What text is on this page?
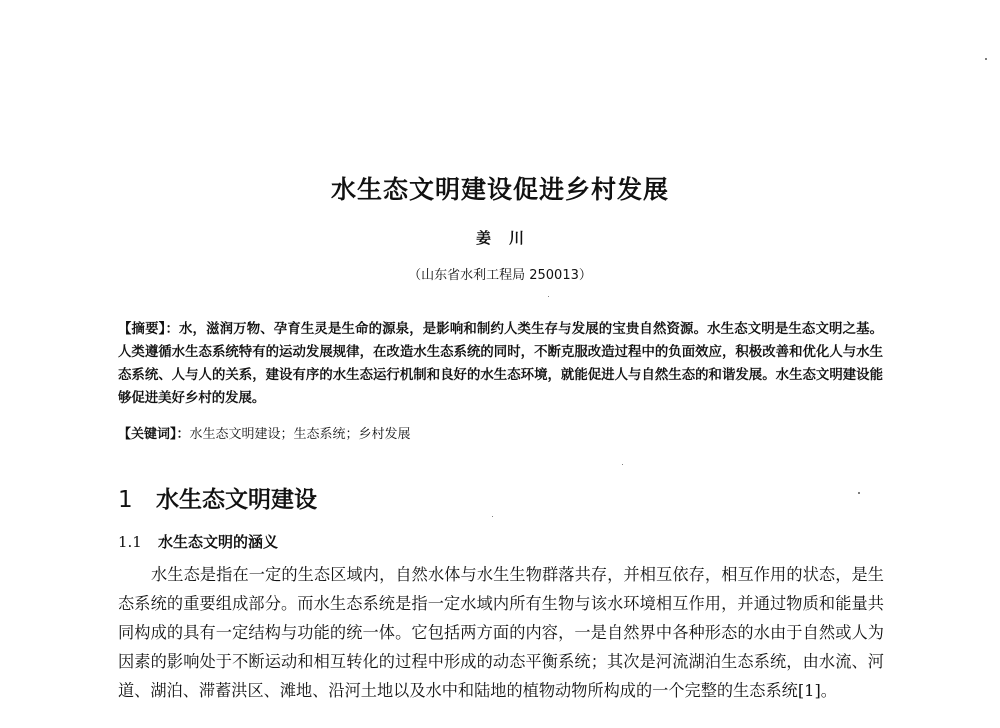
水生态文明建设促进乡村发展
姜川
（山东省水利工程局 250013）
【摘要】：水，滋润万物、孕育生灵是生命的源泉，是影响和制约人类生存与发展的宝贵自然资源。水生态文明是生态文明之基。人类遵循水生态系统特有的运动发展规律，在改造水生态系统的同时，不断克服改造过程中的负面效应，积极改善和优化人与水生态系统、人与人的关系，建设有序的水生态运行机制和良好的水生态环境，就能促进人与自然生态的和谐发展。水生态文明建设能够促进美好乡村的发展。
【关键词】：水生态文明建设；生态系统；乡村发展
1 水生态文明建设
1.1 水生态文明的涵义
水生态是指在一定的生态区域内，自然水体与水生生物群落共存，并相互依存，相互作用的状态，是生态系统的重要组成部分。而水生态系统是指一定水域内所有生物与该水环境相互作用，并通过物质和能量共同构成的具有一定结构与功能的统一体。它包括两方面的内容，一是自然界中各种形态的水由于自然或人为因素的影响处于不断运动和相互转化的过程中形成的动态平衡系统；其次是河流湖泊生态系统，由水流、河道、湖泊、滞蓄洪区、滩地、沿河土地以及水中和陆地的植物动物所构成的一个完整的生态系统[1]。
